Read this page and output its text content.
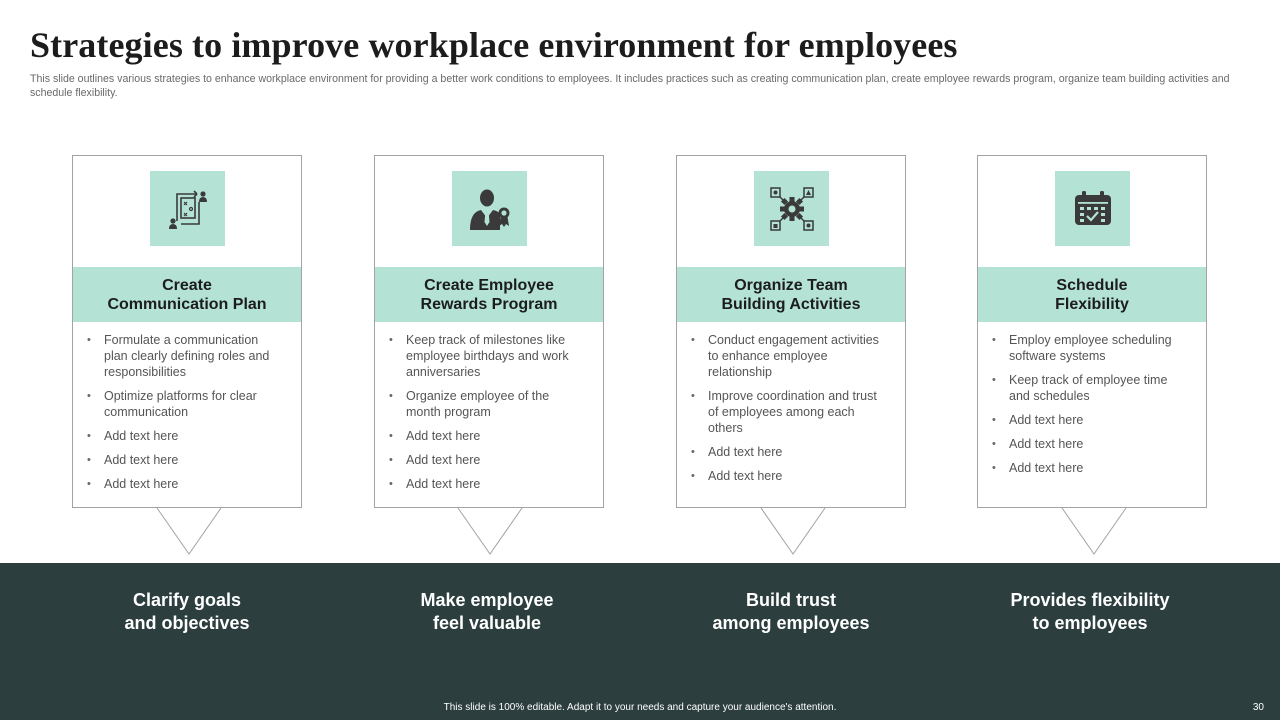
Strategies to improve workplace environment for employees
This slide outlines various strategies to enhance workplace environment for providing a better work conditions to employees. It includes practices such as creating communication plan, create employee rewards program, organize team building activities and schedule flexibility.
Create
Communication Plan
• Formulate a communication plan clearly defining roles and responsibilities
• Optimize platforms for clear communication
• Add text here
• Add text here
• Add text here
Create Employee
Rewards Program
• Keep track of milestones like employee birthdays and work anniversaries
• Organize employee of the month program
• Add text here
• Add text here
• Add text here
Organize Team
Building Activities
• Conduct engagement activities to enhance employee relationship
• Improve coordination and trust of employees among each others
• Add text here
• Add text here
Schedule
Flexibility
• Employ employee scheduling software systems
• Keep track of employee time and schedules
• Add text here
• Add text here
• Add text here
Clarify goals
and objectives
Make employee
feel valuable
Build trust
among employees
Provides flexibility
to employees
This slide is 100% editable. Adapt it to your needs and capture your audience's attention.	30
